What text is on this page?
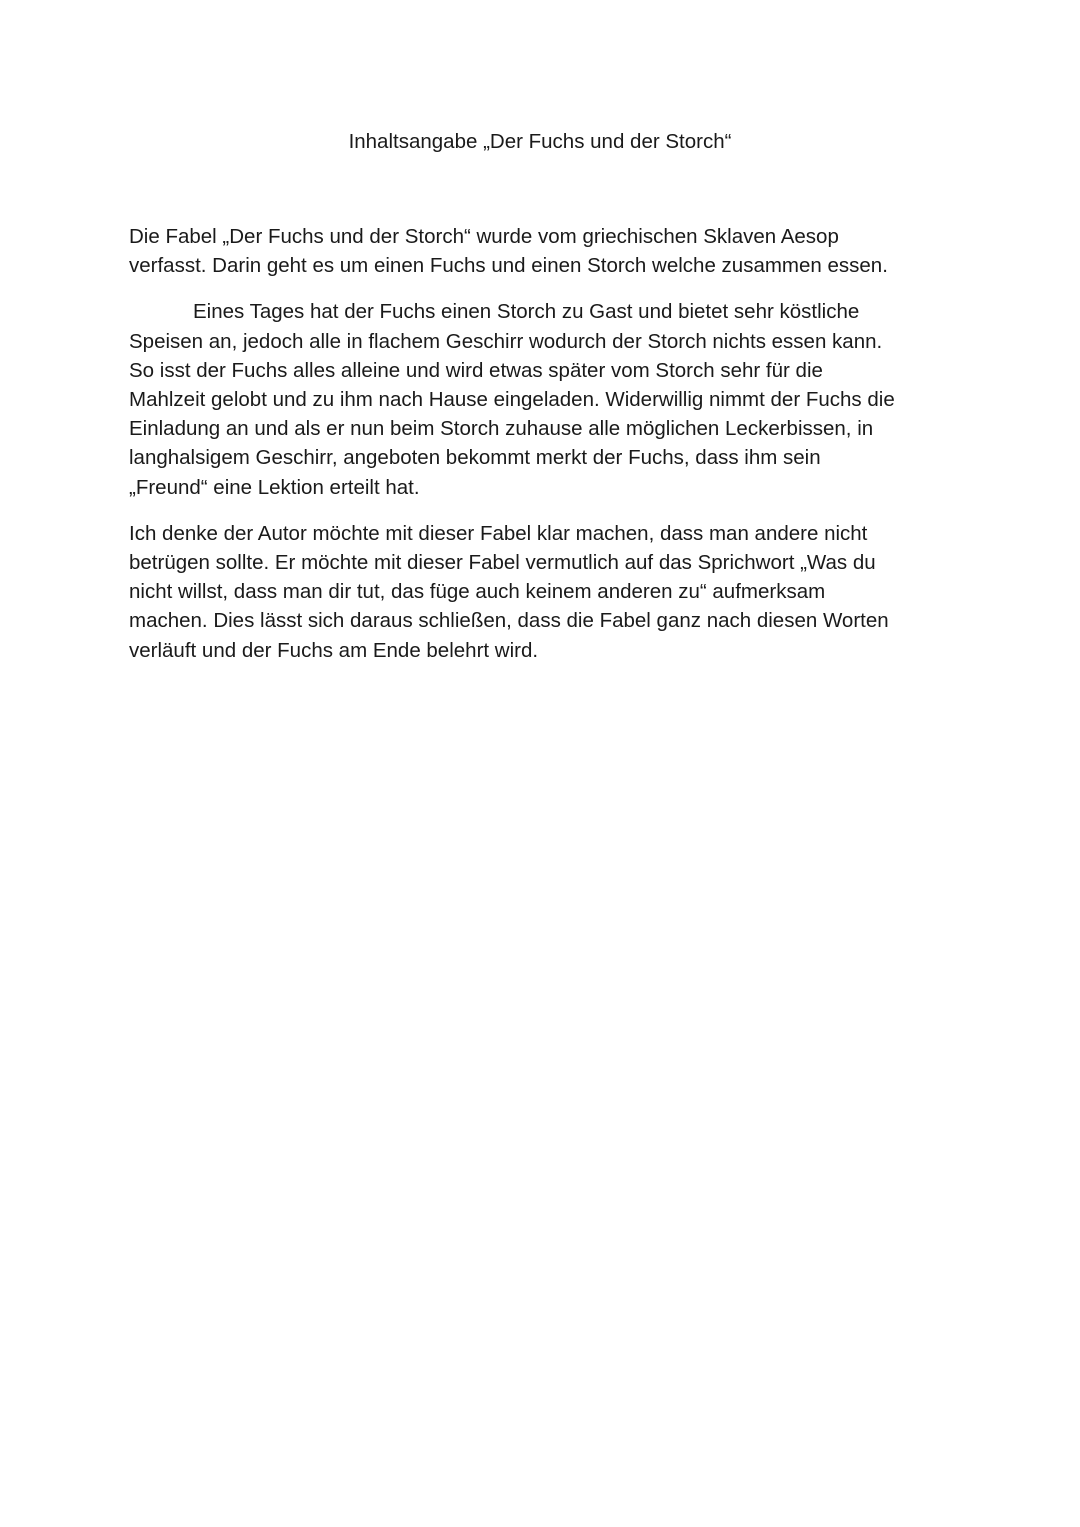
Inhaltsangabe „Der Fuchs und der Storch“

Die Fabel „Der Fuchs und der Storch“ wurde vom griechischen Sklaven Aesop
verfasst. Darin geht es um einen Fuchs und einen Storch welche zusammen essen.

Eines Tages hat der Fuchs einen Storch zu Gast und bietet sehr köstliche
Speisen an, jedoch alle in flachem Geschirr wodurch der Storch nichts essen kann.
So isst der Fuchs alles alleine und wird etwas später vom Storch sehr für die
Mahlzeit gelobt und zu ihm nach Hause eingeladen. Widerwillig nimmt der Fuchs die
Einladung an und als er nun beim Storch zuhause alle möglichen Leckerbissen, in
langhalsigem Geschirr, angeboten bekommt merkt der Fuchs, dass ihm sein
„Freund“ eine Lektion erteilt hat.

Ich denke der Autor möchte mit dieser Fabel klar machen, dass man andere nicht
betrügen sollte. Er möchte mit dieser Fabel vermutlich auf das Sprichwort „Was du
nicht willst, dass man dir tut, das füge auch keinem anderen zu“ aufmerksam
machen. Dies lässt sich daraus schließen, dass die Fabel ganz nach diesen Worten
verläuft und der Fuchs am Ende belehrt wird.
